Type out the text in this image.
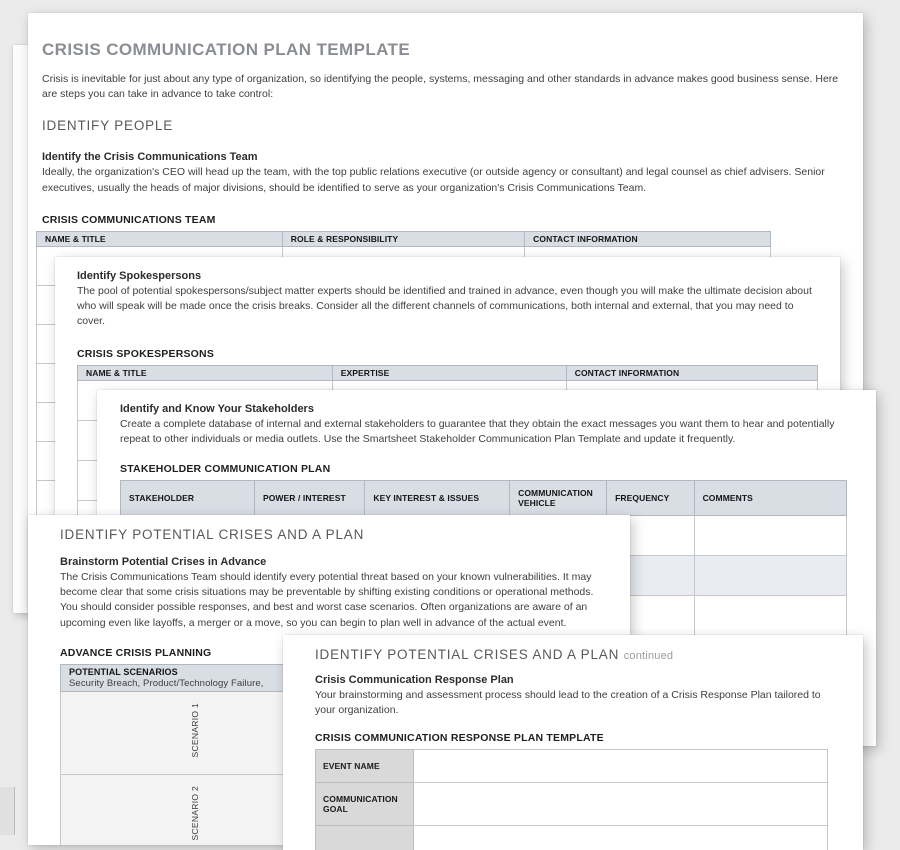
CRISIS COMMUNICATION PLAN TEMPLATE

Crisis is inevitable for just about any type of organization, so identifying the people, systems, messaging and other standards in advance makes good business sense. Here are steps you can take in advance to take control:

IDENTIFY PEOPLE
Identify the Crisis Communications Team

Ideally, the organization's CEO will head up the team, with the top public relations executive (or outside agency or consultant) and legal counsel as chief advisers. Senior executives, usually the heads of major divisions, should be identified to serve as your organization's Crisis Communications Team.

CRISIS COMMUNICATIONS TEAM
NAME & TITLE	ROLE & RESPONSIBILITY	CONTACT INFORMATION

Identify Spokespersons

The pool of potential spokespersons/subject matter experts should be identified and trained in advance, even though you will make the ultimate decision about who will speak will be made once the crisis breaks. Consider all the different channels of communications, both internal and external, that you may need to cover.

CRISIS SPOKESPERSONS
NAME & TITLE	EXPERTISE	CONTACT INFORMATION

Identify and Know Your Stakeholders

Create a complete database of internal and external stakeholders to guarantee that they obtain the exact messages you want them to hear and potentially repeat to other individuals or media outlets. Use the Smartsheet Stakeholder Communication Plan Template and update it frequently.

STAKEHOLDER COMMUNICATION PLAN
STAKEHOLDER	POWER / INTEREST	KEY INTEREST & ISSUES	COMMUNICATION VEHICLE	FREQUENCY	COMMENTS

IDENTIFY POTENTIAL CRISES AND A PLAN
Brainstorm Potential Crises in Advance

The Crisis Communications Team should identify every potential threat based on your known vulnerabilities. It may become clear that some crisis situations may be preventable by shifting existing conditions or operational methods. You should consider possible responses, and best and worst case scenarios. Often organizations are aware of an upcoming even like layoffs, a merger or a move, so you can begin to plan well in advance of the actual event.

ADVANCE CRISIS PLANNING
POTENTIAL SCENARIOS
Security Breach, Product/Technology Failure,	

SCENARIO 1	
SCENARIO 2	
IDENTIFY POTENTIAL CRISES AND A PLAN continued
Crisis Communication Response Plan

Your brainstorming and assessment process should lead to the creation of a Crisis Response Plan tailored to your organization.

CRISIS COMMUNICATION RESPONSE PLAN TEMPLATE
EVENT NAME	
COMMUNICATION GOAL	
